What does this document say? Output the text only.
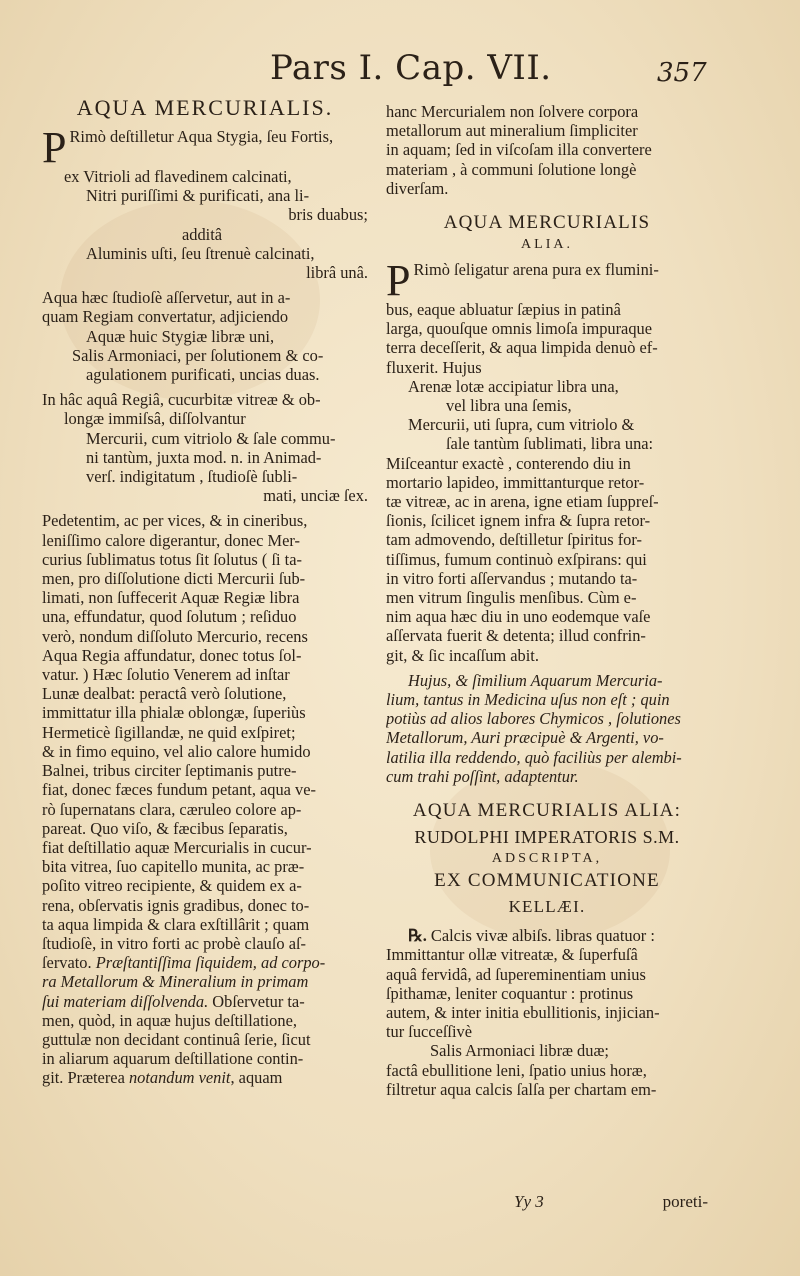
Pars I. Cap. VII.	357
AQUA MERCURIALIS.
P Rimò deſtilletur Aqua Stygia, ſeu Fortis,
ex Vitrioli ad flavedinem calcinati,
Nitri puriſſimi & purificati, ana li-
bris duabus;
additâ
Aluminis uſti, ſeu ſtrenuè calcinati,
librâ unâ.
Aqua hæc ſtudioſè aſſervetur, aut in a-
quam Regiam convertatur, adjiciendo
Aquæ huic Stygiæ libræ uni,
Salis Armoniaci, per ſolutionem & co-
agulationem purificati, uncias duas.
In hâc aquâ Regiâ, cucurbitæ vitreæ & ob-
longæ immiſsâ, diſſolvantur
Mercurii, cum vitriolo & ſale commu-
ni tantùm, juxta mod. n. in Animad-
verſ. indigitatum , ſtudioſè ſubli-
mati, unciæ ſex.
Pedetentim, ac per vices, & in cineribus,
leniſſimo calore digerantur, donec Mer-
curius ſublimatus totus ſit ſolutus ( ſi ta-
men, pro diſſolutione dicti Mercurii ſub-
limati, non ſuffecerit Aquæ Regiæ libra
una, effundatur, quod ſolutum ; reſiduo
verò, nondum diſſoluto Mercurio, recens
Aqua Regia affundatur, donec totus ſol-
vatur. ) Hæc ſolutio Venerem ad inſtar
Lunæ dealbat: peractâ verò ſolutione,
immittatur illa phialæ oblongæ, ſuperiùs
Hermeticè ſigillandæ, ne quid exſpiret;
& in fimo equino, vel alio calore humido
Balnei, tribus circiter ſeptimanis putre-
fiat, donec fæces fundum petant, aqua ve-
rò ſupernatans clara, cæruleo colore ap-
pareat. Quo viſo, & fæcibus ſeparatis,
fiat deſtillatio aquæ Mercurialis in cucur-
bita vitrea, ſuo capitello munita, ac præ-
poſito vitreo recipiente, & quidem ex a-
rena, obſervatis ignis gradibus, donec to-
ta aqua limpida & clara exſtillârit ; quam
ſtudioſè, in vitro forti ac probè clauſo aſ-
ſervato. Præſtantiſſima ſiquidem, ad corpo-
ra Metallorum & Mineralium in primam
ſui materiam diſſolvenda. Obſervetur ta-
men, quòd, in aquæ hujus deſtillatione,
guttulæ non decidant continuâ ſerie, ſicut
in aliarum aquarum deſtillatione contin-
git. Præterea notandum venit, aquam
hanc Mercurialem non ſolvere corpora
metallorum aut mineralium ſimpliciter
in aquam; ſed in viſcoſam illa convertere
materiam , à communi ſolutione longè
diverſam.
AQUA MERCURIALIS
ALIA.
P Rimò ſeligatur arena pura ex flumini-
bus, eaque abluatur ſæpius in patinâ
larga, quouſque omnis limoſa impuraque
terra deceſſerit, & aqua limpida denuò ef-
fluxerit. Hujus
Arenæ lotæ accipiatur libra una,
vel libra una ſemis,
Mercurii, uti ſupra, cum vitriolo &
ſale tantùm ſublimati, libra una:
Miſceantur exactè , conterendo diu in
mortario lapideo, immittanturque retor-
tæ vitreæ, ac in arena, igne etiam ſuppreſ-
ſionis, ſcilicet ignem infra & ſupra retor-
tam admovendo, deſtilletur ſpiritus for-
tiſſimus, fumum continuò exſpirans: qui
in vitro forti aſſervandus ; mutando ta-
men vitrum ſingulis menſibus. Cùm e-
nim aqua hæc diu in uno eodemque vaſe
aſſervata fuerit & detenta; illud confrin-
git, & ſic incaſſum abit.
Hujus, & ſimilium Aquarum Mercuria-
lium, tantus in Medicina uſus non eſt ; quin
potiùs ad alios labores Chymicos , ſolutiones
Metallorum, Auri præcipuè & Argenti, vo-
latilia illa reddendo, quò faciliùs per alembi-
cum trahi poſſint, adaptentur.
AQUA MERCURIALIS ALIA:
RUDOLPHI IMPERATORIS S.M.
ADSCRIPTA,
EX COMMUNICATIONE
KELLÆI.
℞. Calcis vivæ albiſs. libras quatuor :
Immittantur ollæ vitreatæ, & ſuperfuſâ
aquâ fervidâ, ad ſupereminentiam unius
ſpithamæ, leniter coquantur : protinus
autem, & inter initia ebullitionis, injician-
tur ſucceſſivè
Salis Armoniaci libræ duæ;
factâ ebullitione leni, ſpatio unius horæ,
filtretur aqua calcis ſalſa per chartam em-
Yy 3	poreti-
